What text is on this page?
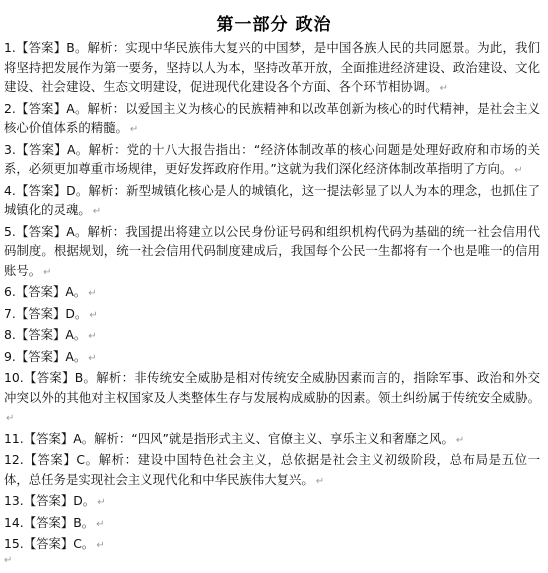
第一部分 政治

1.【答案】B。解析：实现中华民族伟大复兴的中国梦，是中国各族人民的共同愿景。为此，我们将坚持把发展作为第一要务，坚持以人为本，坚持改革开放，全面推进经济建设、政治建设、文化建设、社会建设、生态文明建设，促进现代化建设各个方面、各个环节相协调。 ↵

2.【答案】A。解析：以爱国主义为核心的民族精神和以改革创新为核心的时代精神，是社会主义核心价值体系的精髓。 ↵

3.【答案】A。解析：党的十八大报告指出：“经济体制改革的核心问题是处理好政府和市场的关系，必须更加尊重市场规律，更好发挥政府作用。”这就为我们深化经济体制改革指明了方向。 ↵

4.【答案】D。解析：新型城镇化核心是人的城镇化，这一提法彰显了以人为本的理念，也抓住了城镇化的灵魂。 ↵

5.【答案】A。解析：我国提出将建立以公民身份证号码和组织机构代码为基础的统一社会信用代码制度。根据规划，统一社会信用代码制度建成后，我国每个公民一生都将有一个也是唯一的信用账号。 ↵

6.【答案】A。 ↵

7.【答案】D。 ↵

8.【答案】A。 ↵

9.【答案】A。 ↵

10.【答案】B。解析：非传统安全威胁是相对传统安全威胁因素而言的，指除军事、政治和外交冲突以外的其他对主权国家及人类整体生存与发展构成威胁的因素。领土纠纷属于传统安全威胁。↵

11.【答案】A。解析：“四风”就是指形式主义、官僚主义、享乐主义和奢靡之风。 ↵

12.【答案】C。解析：建设中国特色社会主义，总依据是社会主义初级阶段，总布局是五位一体，总任务是实现社会主义现代化和中华民族伟大复兴。 ↵

13.【答案】D。 ↵

14.【答案】B。 ↵

15.【答案】C。 ↵

↵
